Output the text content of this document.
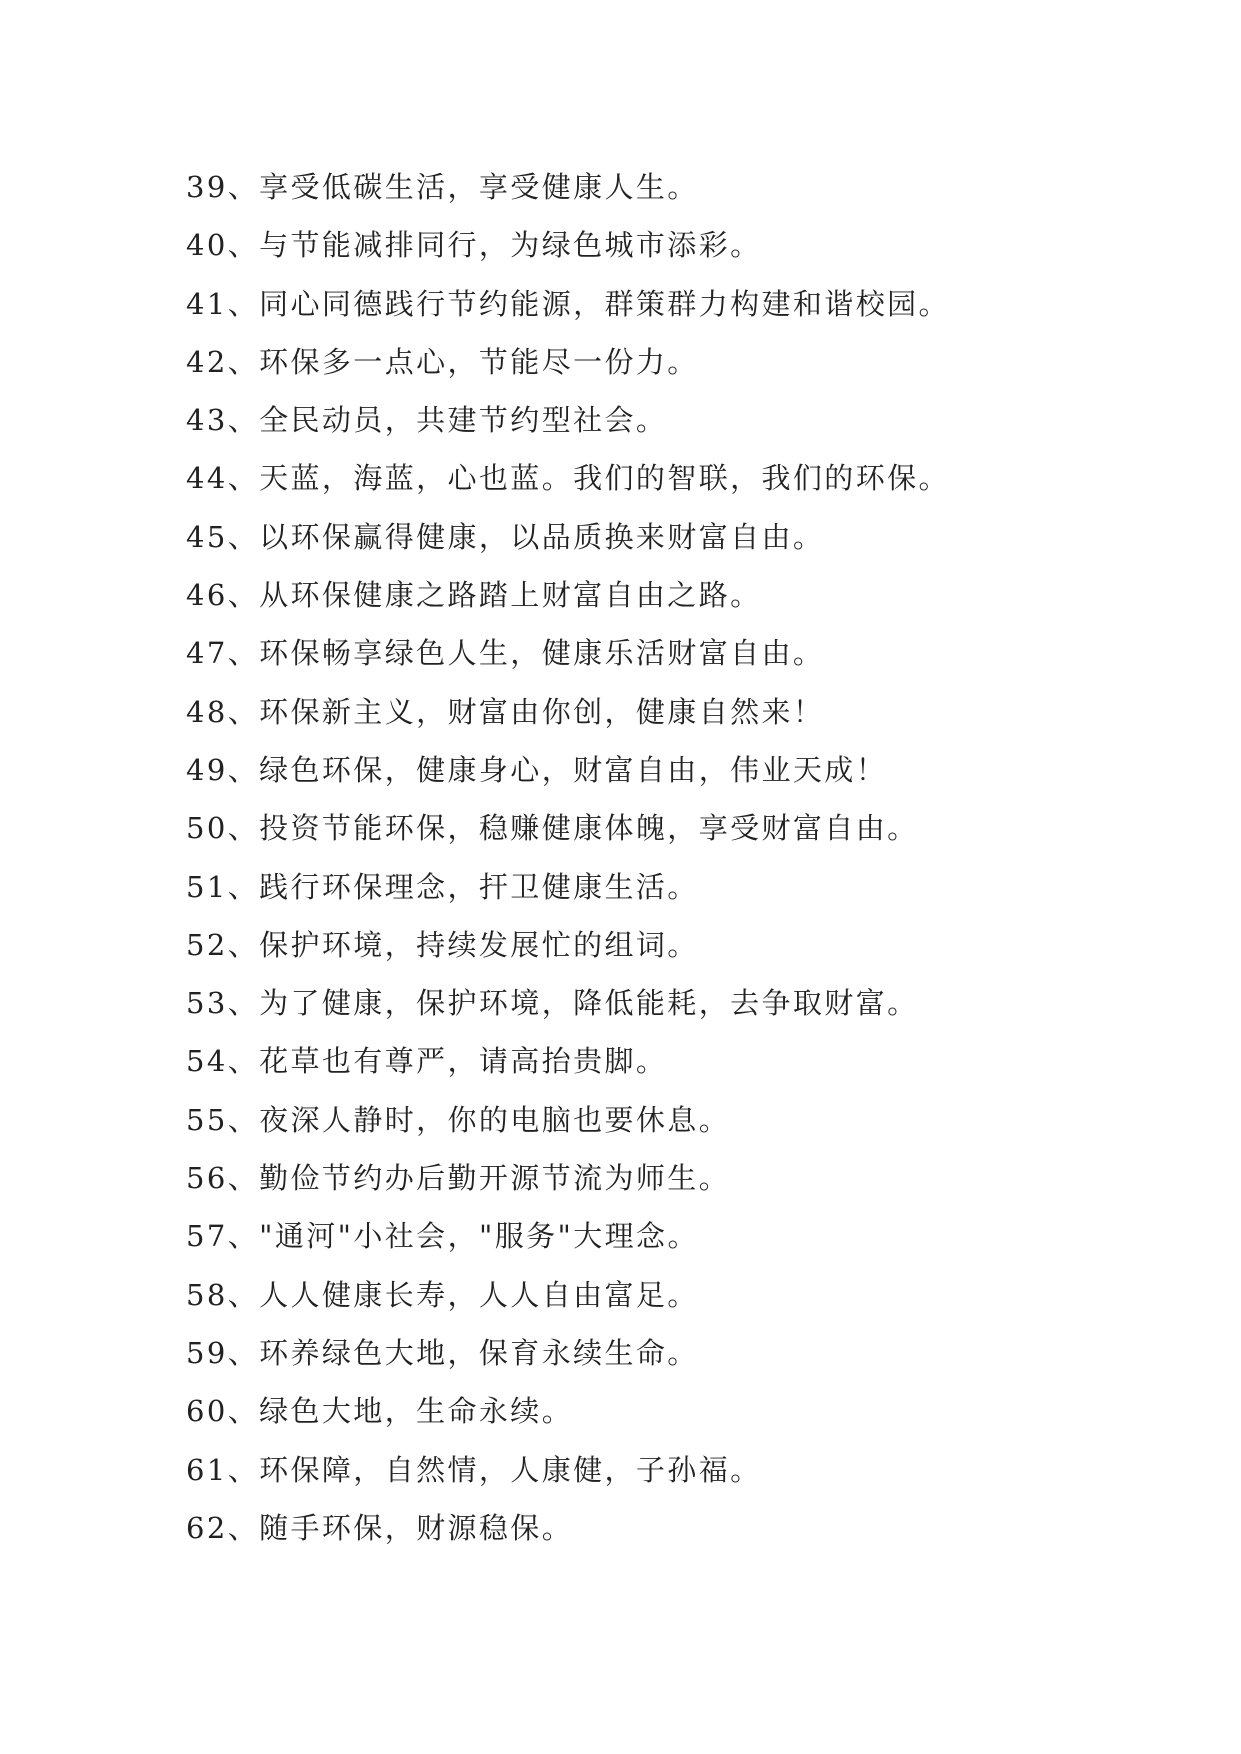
39、享受低碳生活，享受健康人生。
40、与节能减排同行，为绿色城市添彩。
41、同心同德践行节约能源，群策群力构建和谐校园。
42、环保多一点心，节能尽一份力。
43、全民动员，共建节约型社会。
44、天蓝，海蓝，心也蓝。我们的智联，我们的环保。
45、以环保赢得健康，以品质换来财富自由。
46、从环保健康之路踏上财富自由之路。
47、环保畅享绿色人生，健康乐活财富自由。
48、环保新主义，财富由你创，健康自然来！
49、绿色环保，健康身心，财富自由，伟业天成！
50、投资节能环保，稳赚健康体魄，享受财富自由。
51、践行环保理念，扞卫健康生活。
52、保护环境，持续发展忙的组词。
53、为了健康，保护环境，降低能耗，去争取财富。
54、花草也有尊严，请高抬贵脚。
55、夜深人静时，你的电脑也要休息。
56、勤俭节约办后勤开源节流为师生。
57、"通河"小社会，"服务"大理念。
58、人人健康长寿，人人自由富足。
59、环养绿色大地，保育永续生命。
60、绿色大地，生命永续。
61、环保障，自然情，人康健，子孙福。
62、随手环保，财源稳保。
